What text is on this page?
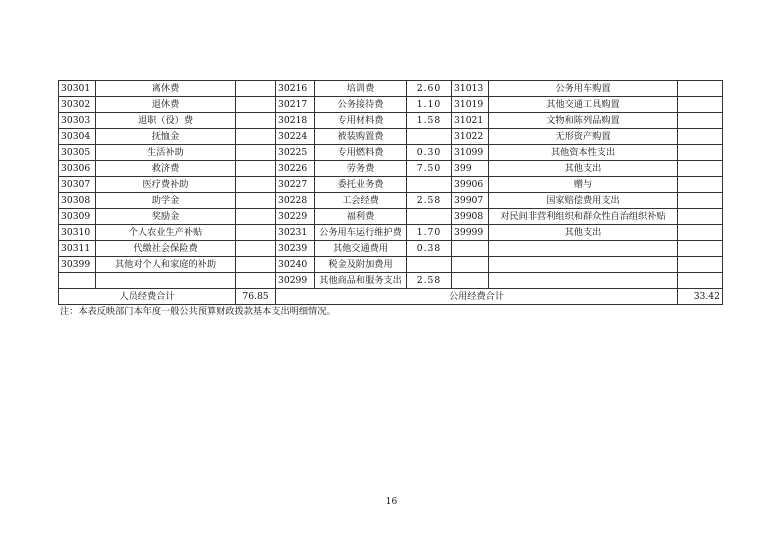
30301	离休费		30216	培训费	2.60	31013	公务用车购置	
30302	退休费		30217	公务接待费	1.10	31019	其他交通工具购置	
30303	退职（役）费		30218	专用材料费	1.58	31021	文物和陈列品购置	
30304	抚恤金		30224	被装购置费		31022	无形资产购置	
30305	生活补助		30225	专用燃料费	0.30	31099	其他资本性支出	
30306	救济费		30226	劳务费	7.50	399	其他支出	
30307	医疗费补助		30227	委托业务费		39906	赠与	
30308	助学金		30228	工会经费	2.58	39907	国家赔偿费用支出	
30309	奖励金		30229	福利费		39908	对民间非营利组织和群众性自治组织补贴	
30310	个人农业生产补贴		30231	公务用车运行维护费	1.70	39999	其他支出	
30311	代缴社会保险费		30239	其他交通费用	0.38			
30399	其他对个人和家庭的补助		30240	税金及附加费用				
			30299	其他商品和服务支出	2.58			
人员经费合计		76.85	公用经费合计					33.42

注：本表反映部门本年度一般公共预算财政拨款基本支出明细情况。

16
